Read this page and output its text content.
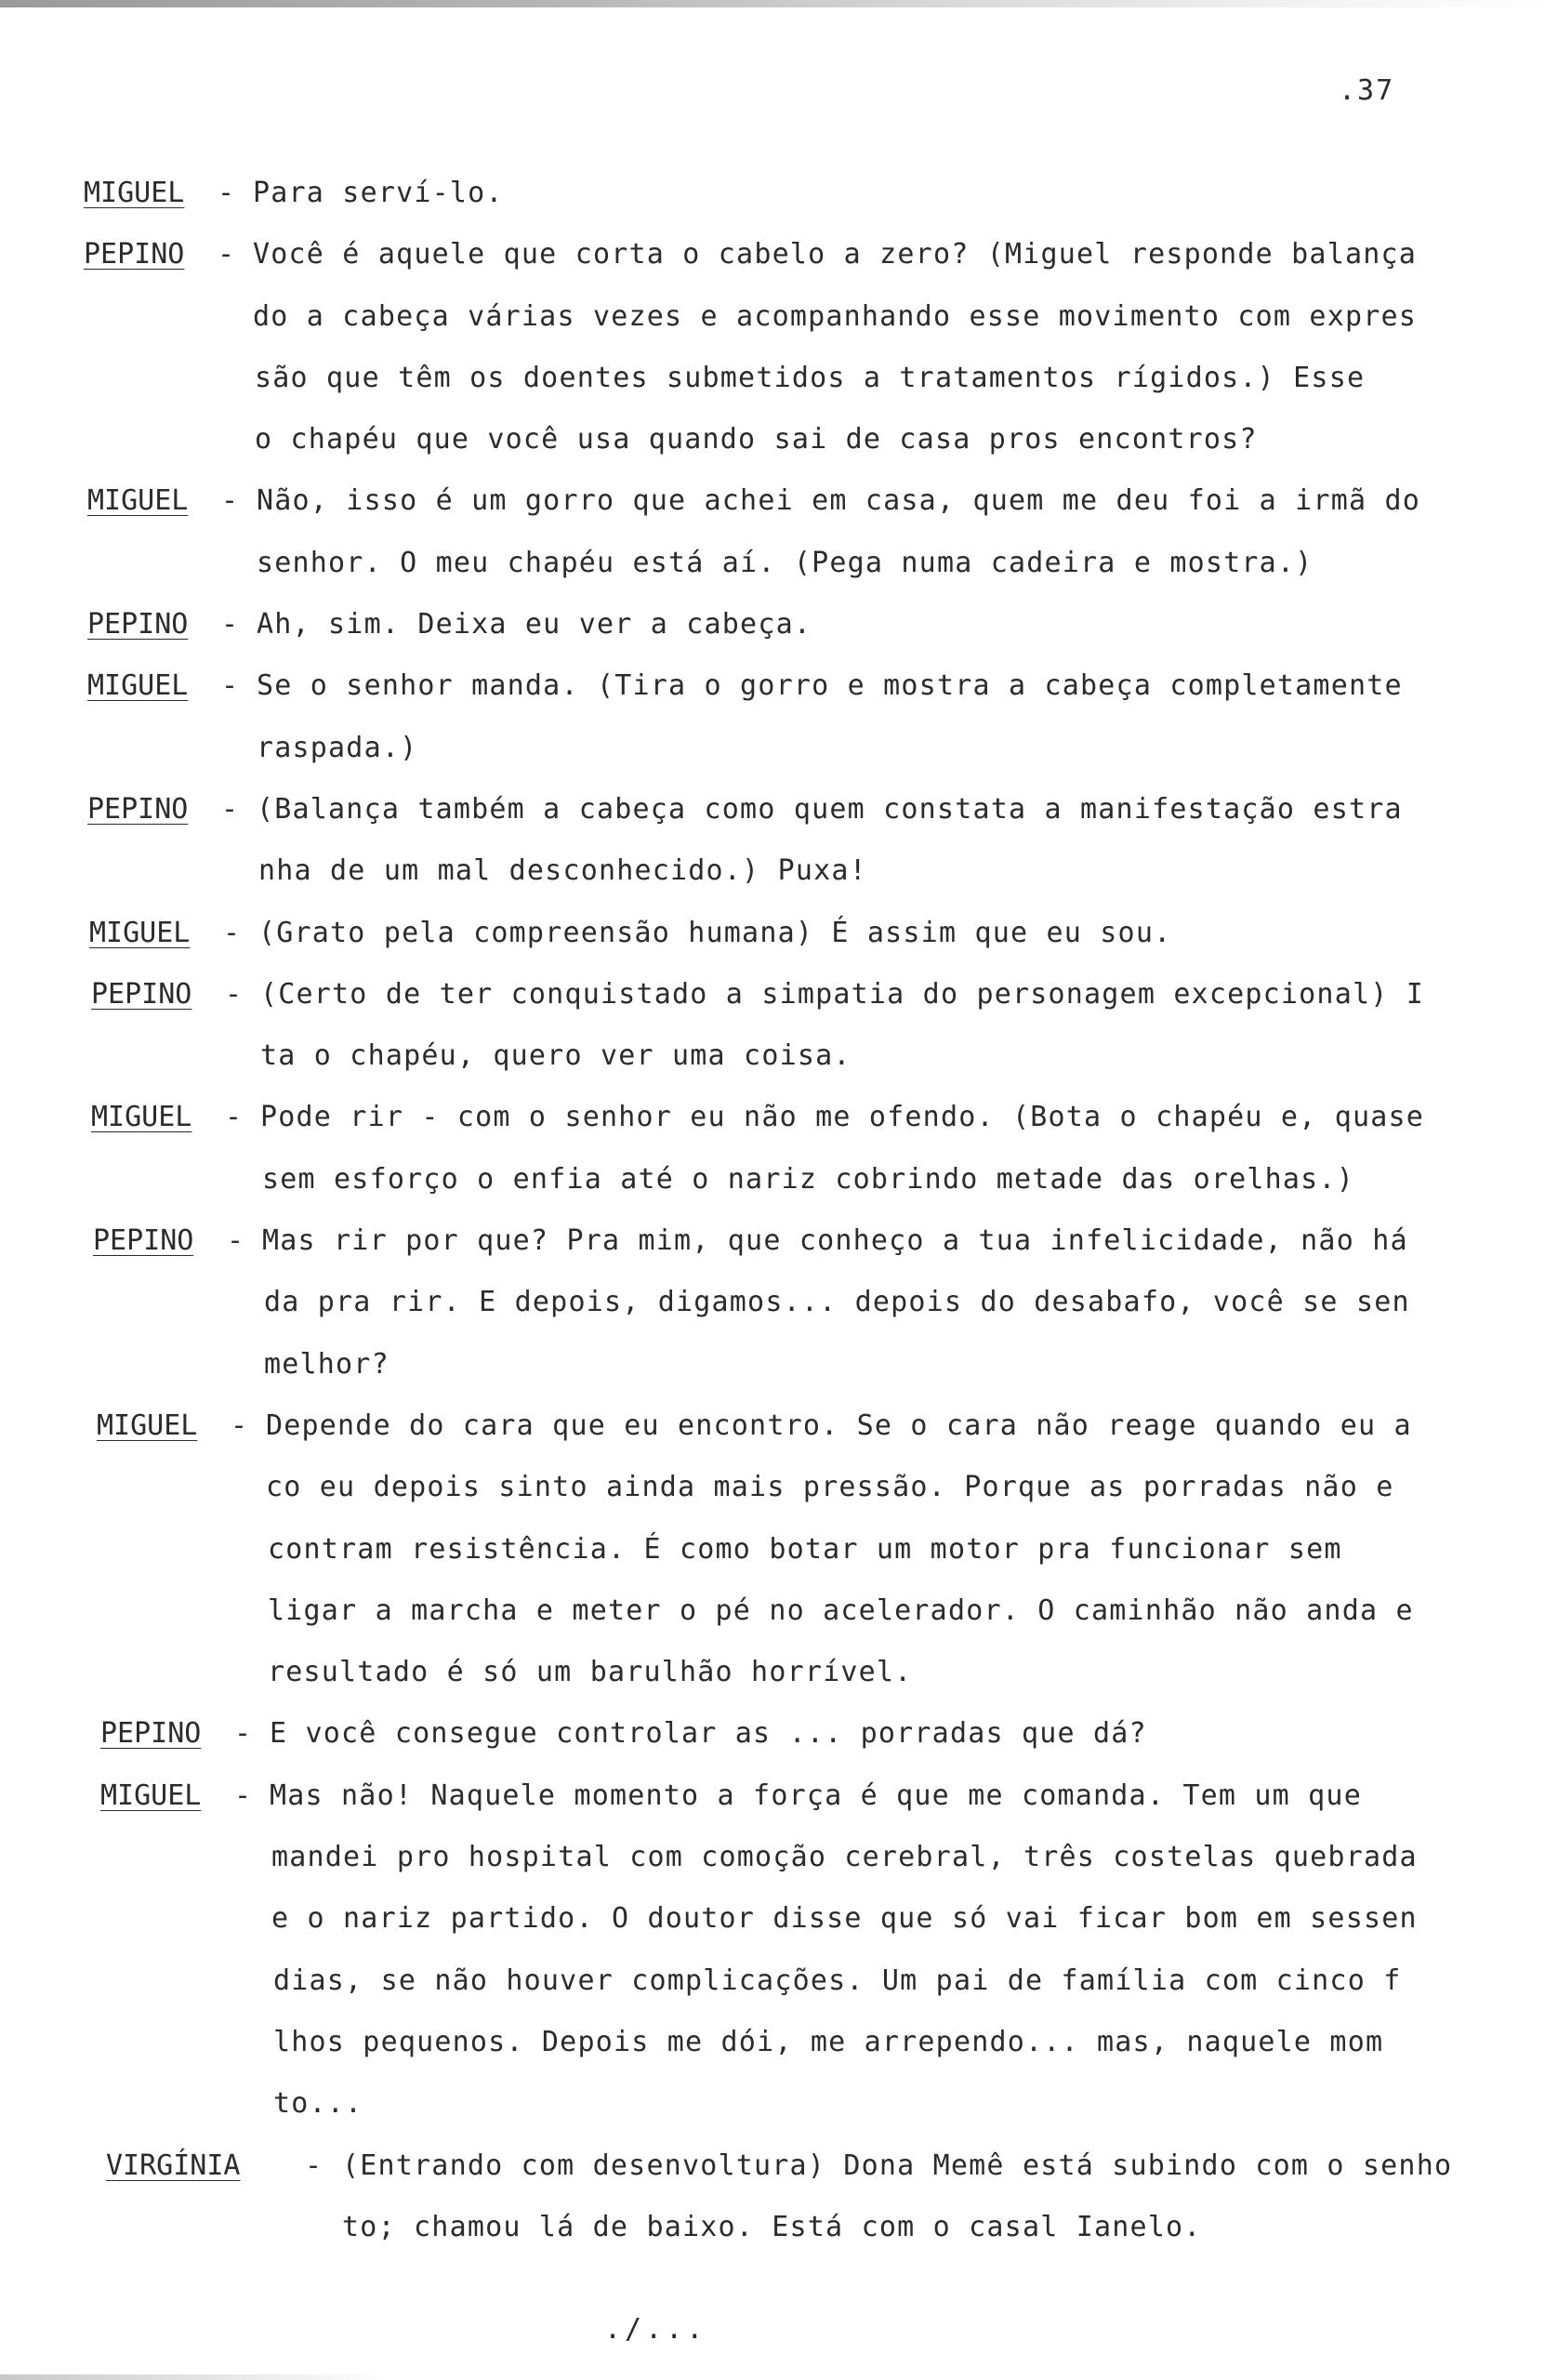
.37
MIGUEL	- Para serví-lo.
PEPINO	- Você é aquele que corta o cabelo a zero? (Miguel responde balança
do a cabeça várias vezes e acompanhando esse movimento com expres
são que têm os doentes submetidos a tratamentos rígidos.) Esse
o chapéu que você usa quando sai de casa pros encontros?
MIGUEL	- Não, isso é um gorro que achei em casa, quem me deu foi a irmã do
senhor. O meu chapéu está aí. (Pega numa cadeira e mostra.)
PEPINO	- Ah, sim. Deixa eu ver a cabeça.
MIGUEL	- Se o senhor manda. (Tira o gorro e mostra a cabeça completamente
raspada.)
PEPINO	- (Balança também a cabeça como quem constata a manifestação estra
nha de um mal desconhecido.) Puxa!
MIGUEL	- (Grato pela compreensão humana) É assim que eu sou.
PEPINO	- (Certo de ter conquistado a simpatia do personagem excepcional) I
ta o chapéu, quero ver uma coisa.
MIGUEL	- Pode rir - com o senhor eu não me ofendo. (Bota o chapéu e, quase
sem esforço o enfia até o nariz cobrindo metade das orelhas.)
PEPINO	- Mas rir por que? Pra mim, que conheço a tua infelicidade, não há
da pra rir. E depois, digamos... depois do desabafo, você se sen
melhor?
MIGUEL	- Depende do cara que eu encontro. Se o cara não reage quando eu a
co eu depois sinto ainda mais pressão. Porque as porradas não e
contram resistência. É como botar um motor pra funcionar sem
ligar a marcha e meter o pé no acelerador. O caminhão não anda e
resultado é só um barulhão horrível.
PEPINO	- E você consegue controlar as ... porradas que dá?
MIGUEL	- Mas não! Naquele momento a força é que me comanda. Tem um que
mandei pro hospital com comoção cerebral, três costelas quebrada
e o nariz partido. O doutor disse que só vai ficar bom em sessen
dias, se não houver complicações. Um pai de família com cinco f
lhos pequenos. Depois me dói, me arrependo... mas, naquele mom
to...
VIRGÍNIA	- (Entrando com desenvoltura) Dona Memê está subindo com o senho
to; chamou lá de baixo. Está com o casal Ianelo.
./...
